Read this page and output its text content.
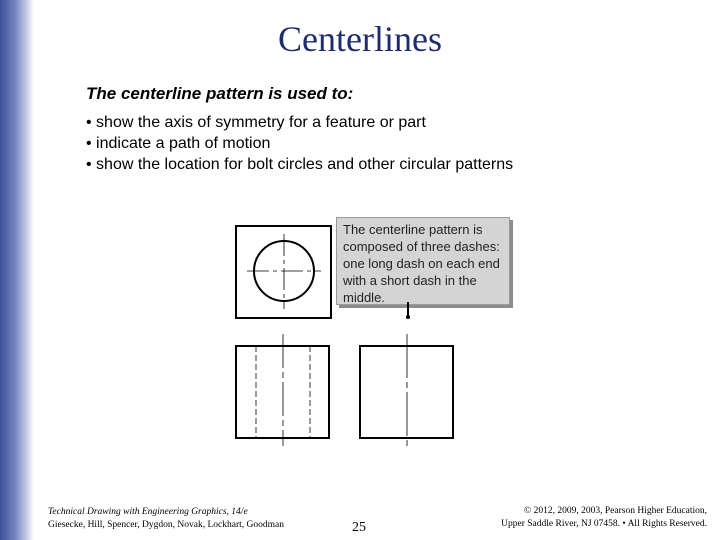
Centerlines
The centerline pattern is used to:
• show the axis of symmetry for a feature or part
• indicate a path of motion
• show the location for bolt circles and other circular patterns
The centerline pattern is composed of three dashes: one long dash on each end with a short dash in the middle.
Technical Drawing with Engineering Graphics, 14/e
Giesecke, Hill, Spencer, Dygdon, Novak, Lockhart, Goodman	25
© 2012, 2009, 2003, Pearson Higher Education,
Upper Saddle River, NJ 07458. • All Rights Reserved.
